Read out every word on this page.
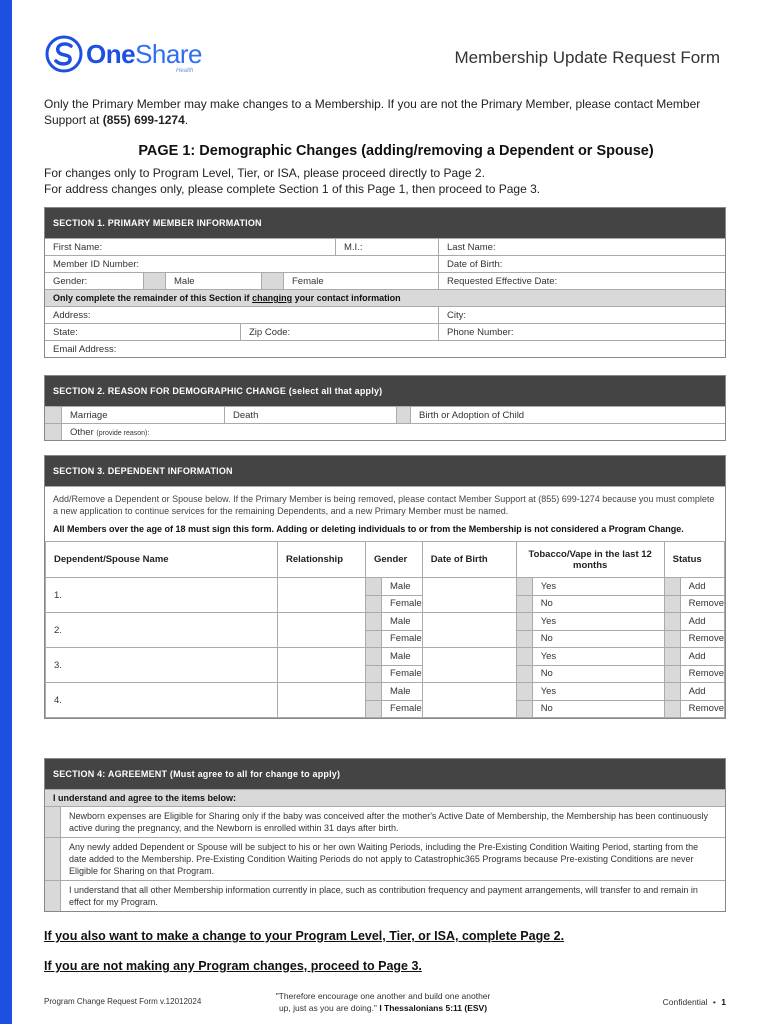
OneShare
Health
Membership Update Request Form
Only the Primary Member may make changes to a Membership. If you are not the Primary Member, please contact Member Support at (855) 699-1274.
PAGE 1: Demographic Changes (adding/removing a Dependent or Spouse)
For changes only to Program Level, Tier, or ISA, please proceed directly to Page 2.
For address changes only, please complete Section 1 of this Page 1, then proceed to Page 3.
SECTION 1. PRIMARY MEMBER INFORMATION
First Name:	M.I.:	Last Name:
Member ID Number:	Date of Birth:
Gender:	Male	Female	Requested Effective Date:
Only complete the remainder of this Section if changing your contact information
Address:	City:
State:	Zip Code:	Phone Number:
Email Address:
SECTION 2. REASON FOR DEMOGRAPHIC CHANGE (select all that apply)
Marriage	Death	Birth or Adoption of Child
Other (provide reason):
SECTION 3. DEPENDENT INFORMATION
Add/Remove a Dependent or Spouse below. If the Primary Member is being removed, please contact Member Support at (855) 699-1274 because you must complete a new application to continue services for the remaining Dependents, and a new Primary Member must be named.
All Members over the age of 18 must sign this form. Adding or deleting individuals to or from the Membership is not considered a Program Change.
Dependent/Spouse Name	Relationship	Gender		Date of Birth	Tobacco/Vape in the last 12 months		Status	
1.			Male			Yes		Add
			Female			No		Remove
2.			Male			Yes		Add
			Female			No		Remove
3.			Male			Yes		Add
			Female			No		Remove
4.			Male			Yes		Add
			Female			No		Remove
SECTION 4: AGREEMENT (Must agree to all for change to apply)
I understand and agree to the items below:
Newborn expenses are Eligible for Sharing only if the baby was conceived after the mother's Active Date of Membership, the Membership has been continuously active during the pregnancy, and the Newborn is enrolled within 31 days after birth.
Any newly added Dependent or Spouse will be subject to his or her own Waiting Periods, including the Pre-Existing Condition Waiting Period, starting from the date added to the Membership. Pre-Existing Condition Waiting Periods do not apply to Catastrophic365 Programs because Pre-existing Conditions are never Eligible for Sharing on that Program.
I understand that all other Membership information currently in place, such as contribution frequency and payment arrangements, will transfer to and remain in effect for my Program.
If you also want to make a change to your Program Level, Tier, or ISA, complete Page 2.
If you are not making any Program changes, proceed to Page 3.
Program Change Request Form v.12012024
"Therefore encourage one another and build one another
up, just as you are doing." I Thessalonians 5:11 (ESV)
Confidential • 1
